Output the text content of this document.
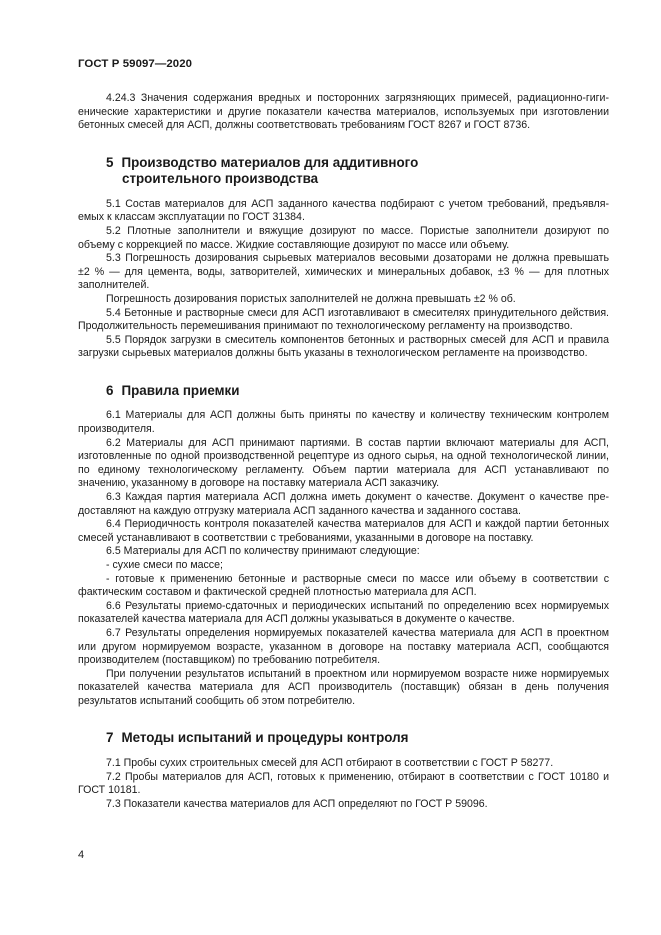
ГОСТ Р 59097—2020

4.24.3 Значения содержания вредных и посторонних загрязняющих примесей, радиационно-гигиенические характеристики и другие показатели качества материалов, используемых при изготовлении бетонных смесей для АСП, должны соответствовать требованиям ГОСТ 8267 и ГОСТ 8736.

5 Производство материалов для аддитивного
строительного производства

5.1 Состав материалов для АСП заданного качества подбирают с учетом требований, предъявляемых к классам эксплуатации по ГОСТ 31384.

5.2 Плотные заполнители и вяжущие дозируют по массе. Пористые заполнители дозируют по объему с коррекцией по массе. Жидкие составляющие дозируют по массе или объему.

5.3 Погрешность дозирования сырьевых материалов весовыми дозаторами не должна превышать ±2 % — для цемента, воды, затворителей, химических и минеральных добавок, ±3 % — для плотных заполнителей.

Погрешность дозирования пористых заполнителей не должна превышать ±2 % об.

5.4 Бетонные и растворные смеси для АСП изготавливают в смесителях принудительного действия. Продолжительность перемешивания принимают по технологическому регламенту на производство.

5.5 Порядок загрузки в смеситель компонентов бетонных и растворных смесей для АСП и правила загрузки сырьевых материалов должны быть указаны в технологическом регламенте на производство.

6 Правила приемки

6.1 Материалы для АСП должны быть приняты по качеству и количеству техническим контролем производителя.

6.2 Материалы для АСП принимают партиями. В состав партии включают материалы для АСП, изготовленные по одной производственной рецептуре из одного сырья, на одной технологической линии, по единому технологическому регламенту. Объем партии материала для АСП устанавливают по значению, указанному в договоре на поставку материала АСП заказчику.

6.3 Каждая партия материала АСП должна иметь документ о качестве. Документ о качестве предоставляют на каждую отгрузку материала АСП заданного качества и заданного состава.

6.4 Периодичность контроля показателей качества материалов для АСП и каждой партии бетонных смесей устанавливают в соответствии с требованиями, указанными в договоре на поставку.

6.5 Материалы для АСП по количеству принимают следующие:

- сухие смеси по массе;

- готовые к применению бетонные и растворные смеси по массе или объему в соответствии с фактическим составом и фактической средней плотностью материала для АСП.

6.6 Результаты приемо-сдаточных и периодических испытаний по определению всех нормируемых показателей качества материала для АСП должны указываться в документе о качестве.

6.7 Результаты определения нормируемых показателей качества материала для АСП в проектном или другом нормируемом возрасте, указанном в договоре на поставку материала АСП, сообщаются производителем (поставщиком) по требованию потребителя.

При получении результатов испытаний в проектном или нормируемом возрасте ниже нормируемых показателей качества материала для АСП производитель (поставщик) обязан в день получения результатов испытаний сообщить об этом потребителю.

7 Методы испытаний и процедуры контроля

7.1 Пробы сухих строительных смесей для АСП отбирают в соответствии с ГОСТ Р 58277.

7.2 Пробы материалов для АСП, готовых к применению, отбирают в соответствии с ГОСТ 10180 и ГОСТ 10181.

7.3 Показатели качества материалов для АСП определяют по ГОСТ Р 59096.

4
